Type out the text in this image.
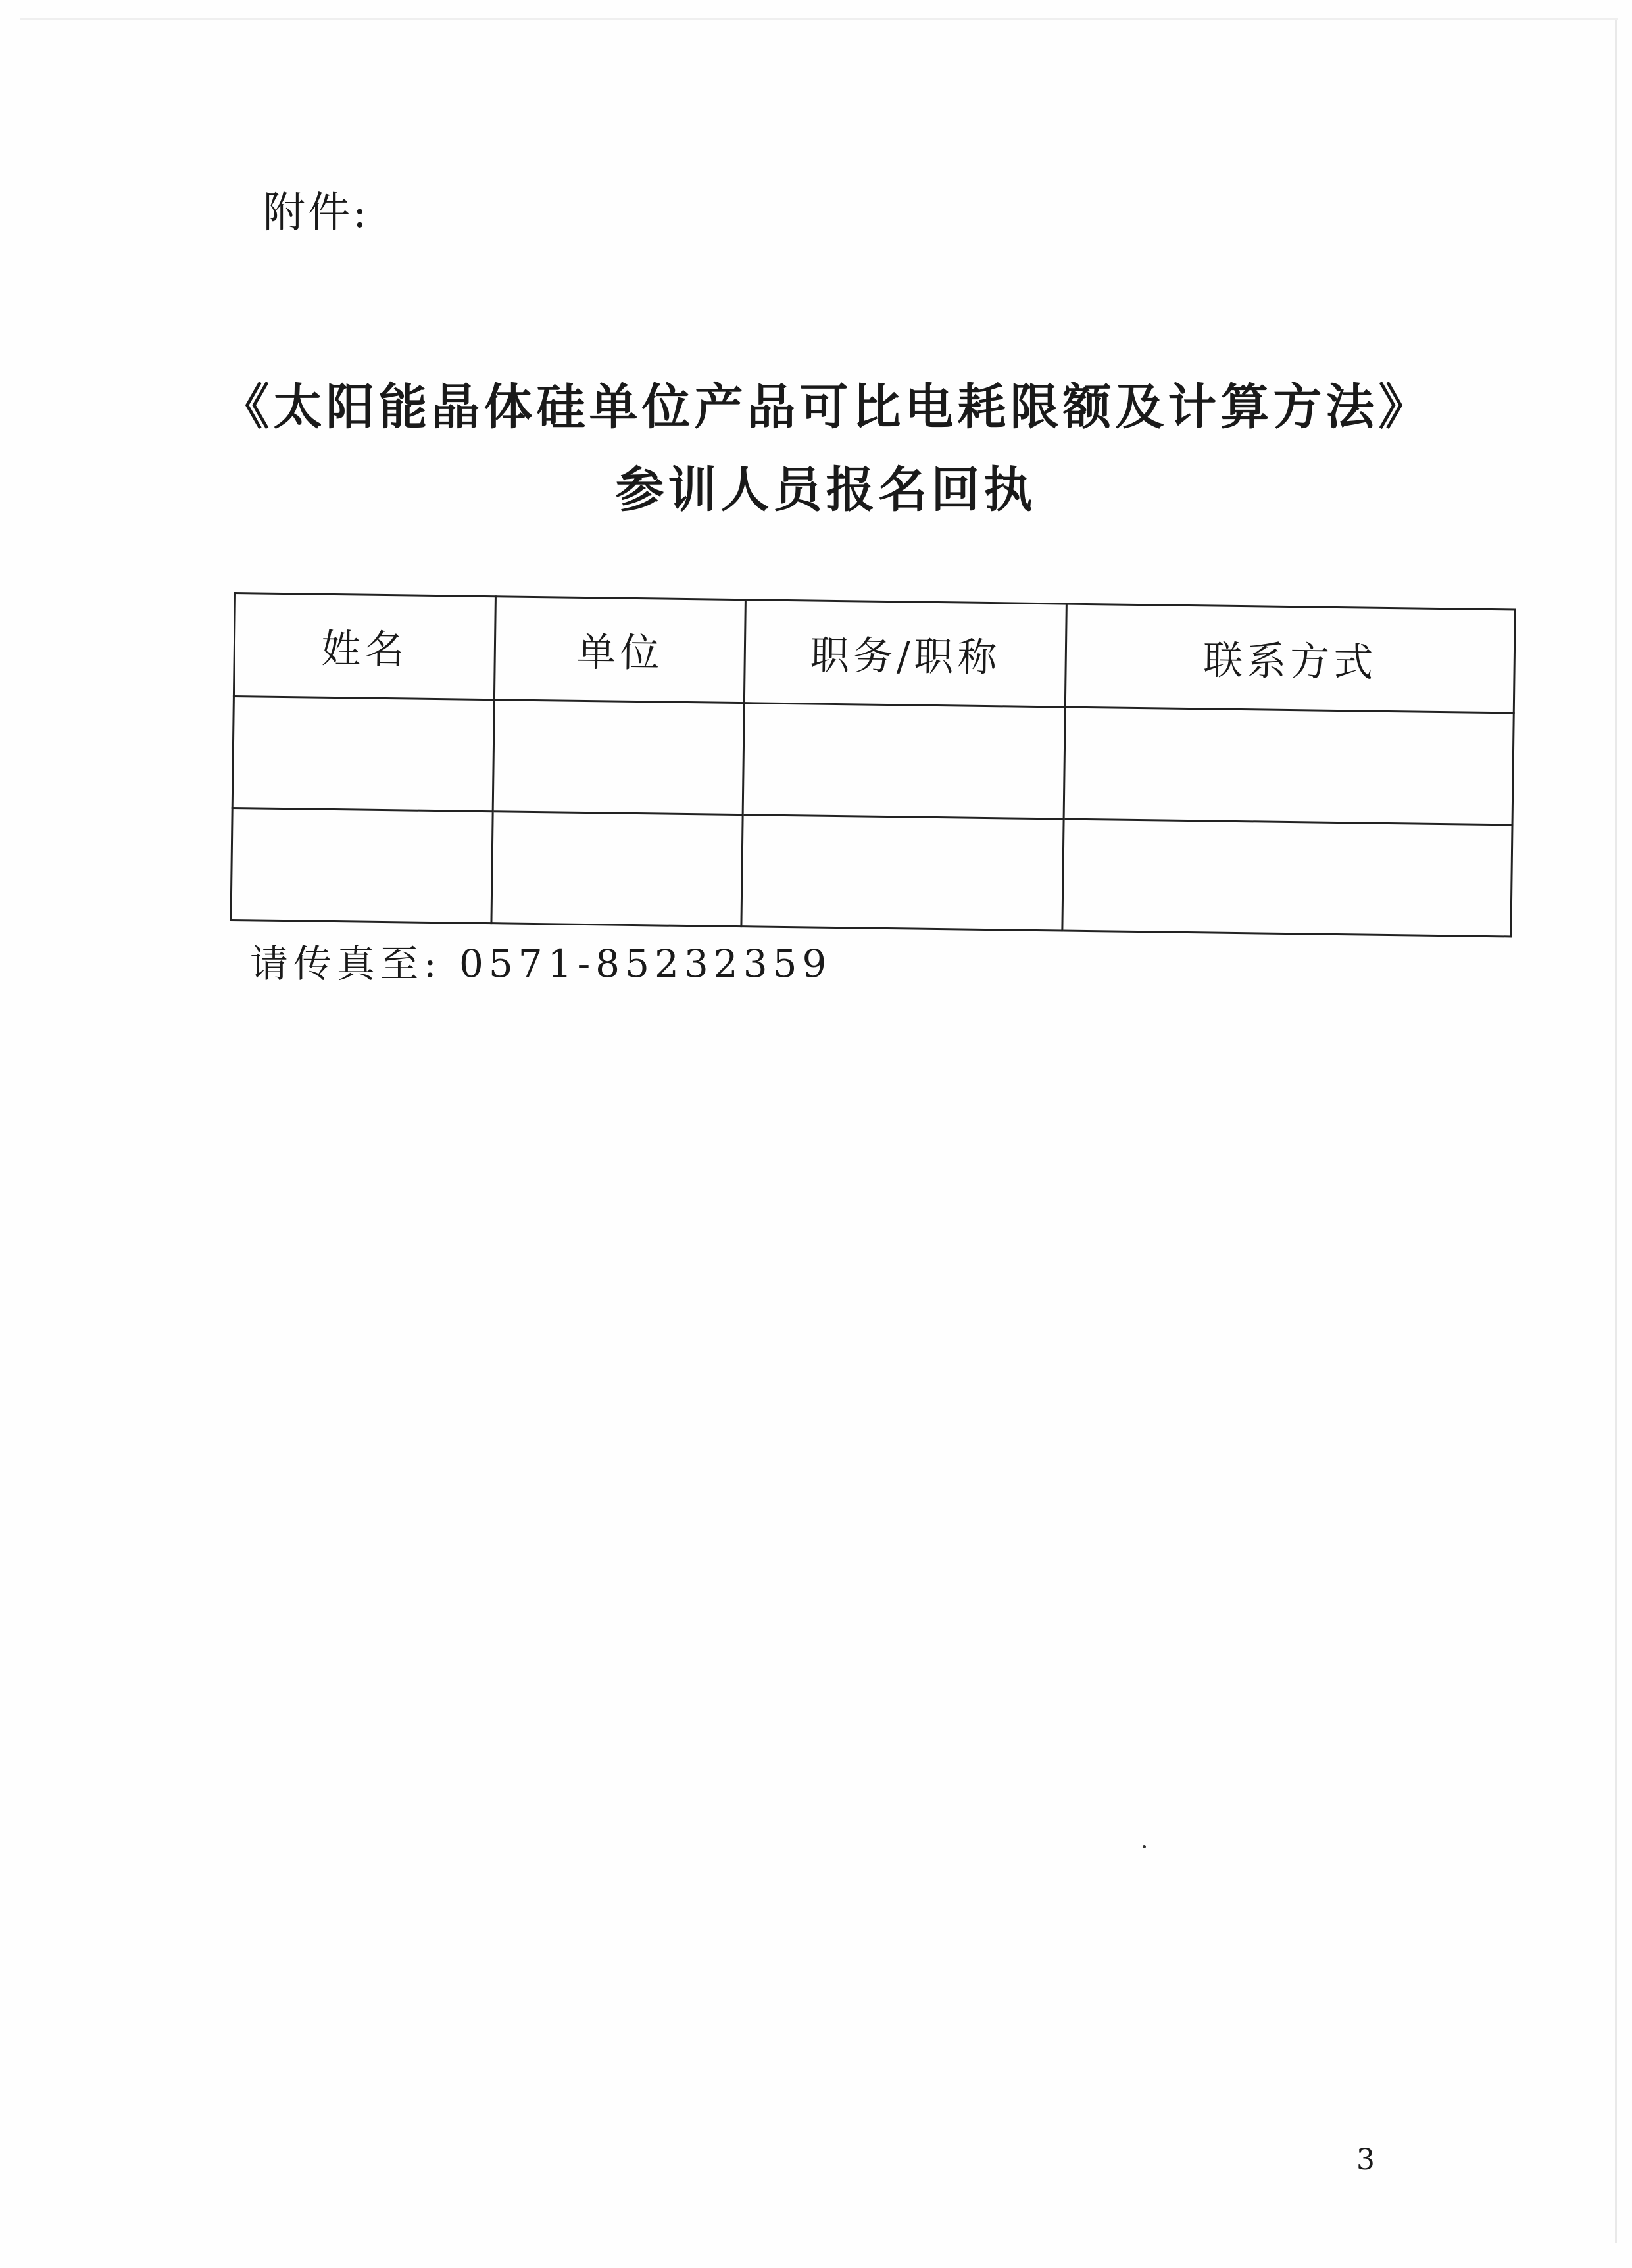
附件:
《太阳能晶体硅单位产品可比电耗限额及计算方法》
参训人员报名回执
姓名	单位	职务/职称	联系方式

请传真至: 0571-85232359
3
